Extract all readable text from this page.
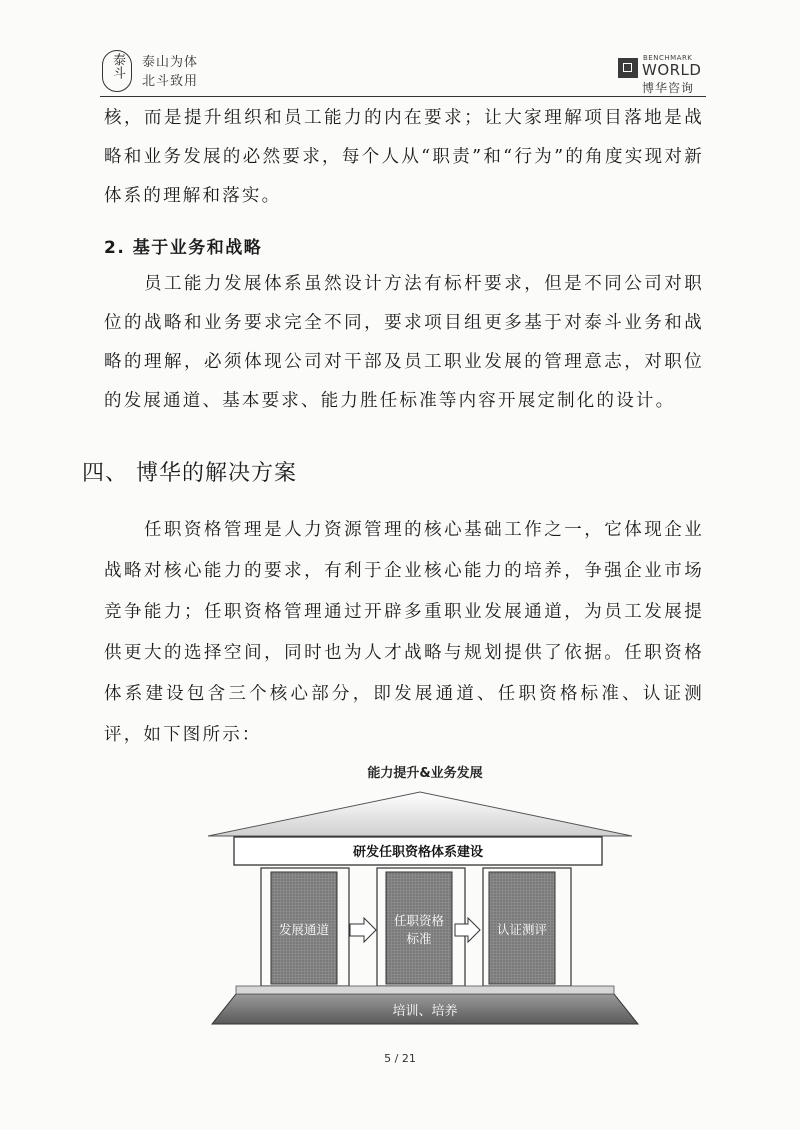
泰斗	泰山为体
北斗致用
BENCHMARK
WORLD
博华咨询
核，而是提升组织和员工能力的内在要求；让大家理解项目落地是战略和业务发展的必然要求，每个人从“职责”和“行为”的角度实现对新体系的理解和落实。
2. 基于业务和战略
员工能力发展体系虽然设计方法有标杆要求，但是不同公司对职位的战略和业务要求完全不同，要求项目组更多基于对泰斗业务和战略的理解，必须体现公司对干部及员工职业发展的管理意志，对职位的发展通道、基本要求、能力胜任标准等内容开展定制化的设计。
四、 博华的解决方案
任职资格管理是人力资源管理的核心基础工作之一，它体现企业战略对核心能力的要求，有利于企业核心能力的培养，争强企业市场竞争能力；任职资格管理通过开辟多重职业发展通道，为员工发展提供更大的选择空间，同时也为人才战略与规划提供了依据。任职资格体系建设包含三个核心部分，即发展通道、任职资格标准、认证测评，如下图所示：
能力提升&业务发展
研发任职资格体系建设
发展通道
任职资格
标准
认证测评
培训、培养
5 / 21
